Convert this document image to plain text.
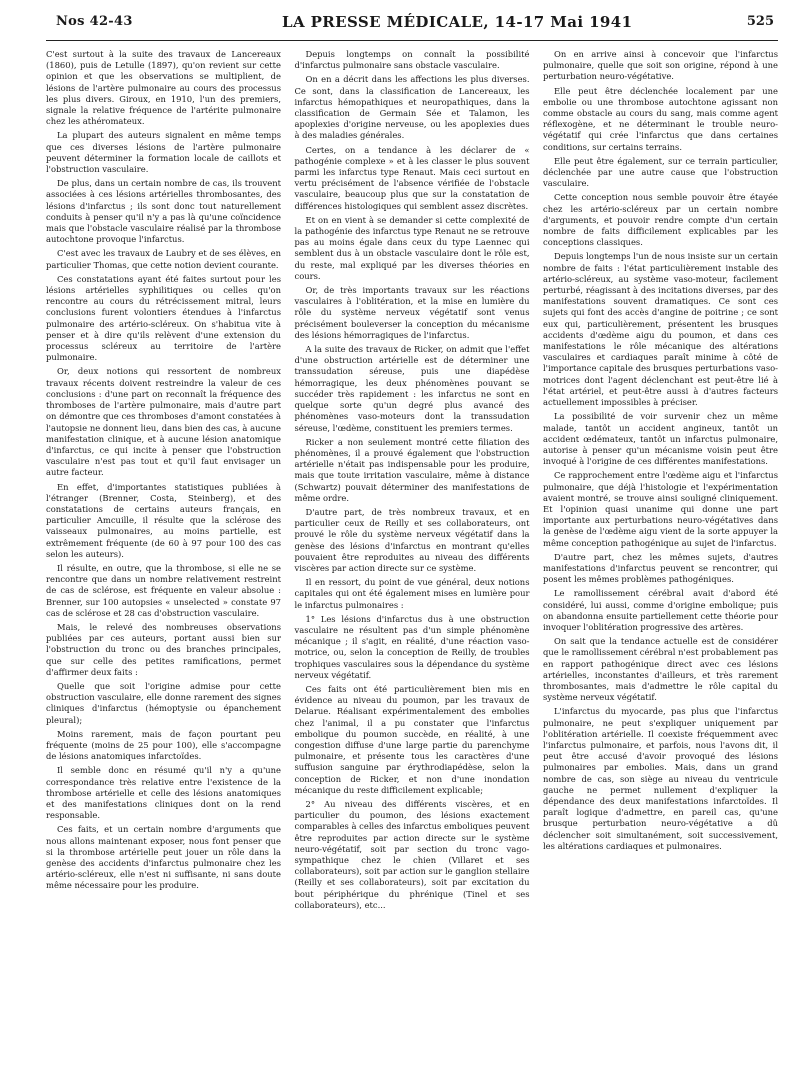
Nos 42-43	LA PRESSE MÉDICALE, 14-17 Mai 1941	525

C'est surtout à la suite des travaux de Lancereaux (1860), puis de Letulle (1897), qu'on revient sur cette opinion et que les observations se multiplient, de lésions de l'artère pulmonaire au cours des processus les plus divers. Giroux, en 1910, l'un des premiers, signale la relative fréquence de l'artérite pulmonaire chez les athéromateux.

La plupart des auteurs signalent en même temps que ces diverses lésions de l'artère pulmonaire peuvent déterminer la formation locale de caillots et l'obstruction vasculaire.

De plus, dans un certain nombre de cas, ils trouvent associées à ces lésions artérielles thrombosantes, des lésions d'infarctus ; ils sont donc tout naturellement conduits à penser qu'il n'y a pas là qu'une coïncidence mais que l'obstacle vasculaire réalisé par la thrombose autochtone provoque l'infarctus.

C'est avec les travaux de Laubry et de ses élèves, en particulier Thomas, que cette notion devient courante.

Ces constatations ayant été faites surtout pour les lésions artérielles syphilitiques ou celles qu'on rencontre au cours du rétrécissement mitral, leurs conclusions furent volontiers étendues à l'infarctus pulmonaire des artério-scléreux. On s'habitua vite à penser et à dire qu'ils relèvent d'une extension du processus scléreux au territoire de l'artère pulmonaire.

Or, deux notions qui ressortent de nombreux travaux récents doivent restreindre la valeur de ces conclusions : d'une part on reconnaît la fréquence des thromboses de l'artère pulmonaire, mais d'autre part on démontre que ces thromboses d'amont constatées à l'autopsie ne donnent lieu, dans bien des cas, à aucune manifestation clinique, et à aucune lésion anatomique d'infarctus, ce qui incite à penser que l'obstruction vasculaire n'est pas tout et qu'il faut envisager un autre facteur.

En effet, d'importantes statistiques publiées à l'étranger (Brenner, Costa, Steinberg), et des constatations de certains auteurs français, en particulier Amcuille, il résulte que la sclérose des vaisseaux pulmonaires, au moins partielle, est extrêmement fréquente (de 60 à 97 pour 100 des cas selon les auteurs).

Il résulte, en outre, que la thrombose, si elle ne se rencontre que dans un nombre relativement restreint de cas de sclérose, est fréquente en valeur absolue : Brenner, sur 100 autopsies « unselected » constate 97 cas de sclérose et 28 cas d'obstruction vasculaire.

Mais, le relevé des nombreuses observations publiées par ces auteurs, portant aussi bien sur l'obstruction du tronc ou des branches principales, que sur celle des petites ramifications, permet d'affirmer deux faits :

Quelle que soit l'origine admise pour cette obstruction vasculaire, elle donne rarement des signes cliniques d'infarctus (hémoptysie ou épanchement pleural);

Moins rarement, mais de façon pourtant peu fréquente (moins de 25 pour 100), elle s'accompagne de lésions anatomiques infarctoïdes.

Il semble donc en résumé qu'il n'y a qu'une correspondance très relative entre l'existence de la thrombose artérielle et celle des lésions anatomiques et des manifestations cliniques dont on la rend responsable.

Ces faits, et un certain nombre d'arguments que nous allons maintenant exposer, nous font penser que si la thrombose artérielle peut jouer un rôle dans la genèse des accidents d'infarctus pulmonaire chez les artério-scléreux, elle n'est ni suffisante, ni sans doute même nécessaire pour les produire.

Depuis longtemps on connaît la possibilité d'infarctus pulmonaire sans obstacle vasculaire.

On en a décrit dans les affections les plus diverses. Ce sont, dans la classification de Lancereaux, les infarctus hémopathiques et neuropathiques, dans la classification de Germain Sée et Talamon, les apoplexies d'origine nerveuse, ou les apoplexies dues à des maladies générales.

Certes, on a tendance à les déclarer de « pathogénie complexe » et à les classer le plus souvent parmi les infarctus type Renaut. Mais ceci surtout en vertu précisément de l'absence vérifiée de l'obstacle vasculaire, beaucoup plus que sur la constatation de différences histologiques qui semblent assez discrètes.

Et on en vient à se demander si cette complexité de la pathogénie des infarctus type Renaut ne se retrouve pas au moins égale dans ceux du type Laennec qui semblent dus à un obstacle vasculaire dont le rôle est, du reste, mal expliqué par les diverses théories en cours.

Or, de très importants travaux sur les réactions vasculaires à l'oblitération, et la mise en lumière du rôle du système nerveux végétatif sont venus précisément bouleverser la conception du mécanisme des lésions hémorragiques de l'infarctus.

A la suite des travaux de Ricker, on admit que l'effet d'une obstruction artérielle est de déterminer une transsudation séreuse, puis une diapédèse hémorragique, les deux phénomènes pouvant se succéder très rapidement : les infarctus ne sont en quelque sorte qu'un degré plus avancé des phénomènes vaso-moteurs dont la transsudation séreuse, l'œdème, constituent les premiers termes.

Ricker a non seulement montré cette filiation des phénomènes, il a prouvé également que l'obstruction artérielle n'était pas indispensable pour les produire, mais que toute irritation vasculaire, même à distance (Schwartz) pouvait déterminer des manifestations de même ordre.

D'autre part, de très nombreux travaux, et en particulier ceux de Reilly et ses collaborateurs, ont prouvé le rôle du système nerveux végétatif dans la genèse des lésions d'infarctus en montrant qu'elles pouvaient être reproduites au niveau des différents viscères par action directe sur ce système.

Il en ressort, du point de vue général, deux notions capitales qui ont été également mises en lumière pour le infarctus pulmonaires :

1° Les lésions d'infarctus dus à une obstruction vasculaire ne résultent pas d'un simple phénomène mécanique ; il s'agit, en réalité, d'une réaction vaso-motrice, ou, selon la conception de Reilly, de troubles trophiques vasculaires sous la dépendance du système nerveux végétatif.

Ces faits ont été particulièrement bien mis en évidence au niveau du poumon, par les travaux de Delarue. Réalisant expérimentalement des embolies chez l'animal, il a pu constater que l'infarctus embolique du poumon succède, en réalité, à une congestion diffuse d'une large partie du parenchyme pulmonaire, et présente tous les caractères d'une suffusion sanguine par érythrodiapédèse, selon la conception de Ricker, et non d'une inondation mécanique du reste difficilement explicable;

2° Au niveau des différents viscères, et en particulier du poumon, des lésions exactement comparables à celles des infarctus emboliques peuvent être reproduites par action directe sur le système neuro-végétatif, soit par section du tronc vago-sympathique chez le chien (Villaret et ses collaborateurs), soit par action sur le ganglion stellaire (Reilly et ses collaborateurs), soit par excitation du bout périphérique du phrénique (Tinel et ses collaborateurs), etc...

On en arrive ainsi à concevoir que l'infarctus pulmonaire, quelle que soit son origine, répond à une perturbation neuro-végétative.

Elle peut être déclenchée localement par une embolie ou une thrombose autochtone agissant non comme obstacle au cours du sang, mais comme agent réflexogène, et ne déterminant le trouble neuro-végétatif qui crée l'infarctus que dans certaines conditions, sur certains terrains.

Elle peut être également, sur ce terrain particulier, déclenchée par une autre cause que l'obstruction vasculaire.

Cette conception nous semble pouvoir être étayée chez les artério-scléreux par un certain nombre d'arguments, et pouvoir rendre compte d'un certain nombre de faits difficilement explicables par les conceptions classiques.

Depuis longtemps l'un de nous insiste sur un certain nombre de faits : l'état particulièrement instable des artério-scléreux, au système vaso-moteur, facilement perturbé, réagissant à des incitations diverses, par des manifestations souvent dramatiques. Ce sont ces sujets qui font des accès d'angine de poitrine ; ce sont eux qui, particulièrement, présentent les brusques accidents d'œdème aigu du poumon, et dans ces manifestations le rôle mécanique des altérations vasculaires et cardiaques paraît minime à côté de l'importance capitale des brusques perturbations vaso-motrices dont l'agent déclenchant est peut-être lié à l'état artériel, et peut-être aussi à d'autres facteurs actuellement impossibles à préciser.

La possibilité de voir survenir chez un même malade, tantôt un accident angineux, tantôt un accident œdémateux, tantôt un infarctus pulmonaire, autorise à penser qu'un mécanisme voisin peut être invoqué à l'origine de ces différentes manifestations.

Ce rapprochement entre l'œdème aigu et l'infarctus pulmonaire, que déjà l'histologie et l'expérimentation avaient montré, se trouve ainsi souligné cliniquement. Et l'opinion quasi unanime qui donne une part importante aux perturbations neuro-végétatives dans la genèse de l'œdème aigu vient de la sorte appuyer la même conception pathogénique au sujet de l'infarctus.

D'autre part, chez les mêmes sujets, d'autres manifestations d'infarctus peuvent se rencontrer, qui posent les mêmes problèmes pathogéniques.

Le ramollissement cérébral avait d'abord été considéré, lui aussi, comme d'origine embolique; puis on abandonna ensuite partiellement cette théorie pour invoquer l'oblitération progressive des artères.

On sait que la tendance actuelle est de considérer que le ramollissement cérébral n'est probablement pas en rapport pathogénique direct avec ces lésions artérielles, inconstantes d'ailleurs, et très rarement thrombosantes, mais d'admettre le rôle capital du système nerveux végétatif.

L'infarctus du myocarde, pas plus que l'infarctus pulmonaire, ne peut s'expliquer uniquement par l'oblitération artérielle. Il coexiste fréquemment avec l'infarctus pulmonaire, et parfois, nous l'avons dit, il peut être accusé d'avoir provoqué des lésions pulmonaires par embolies. Mais, dans un grand nombre de cas, son siège au niveau du ventricule gauche ne permet nullement d'expliquer la dépendance des deux manifestations infarctoïdes. Il paraît logique d'admettre, en pareil cas, qu'une brusque perturbation neuro-végétative a dû déclencher soit simultanément, soit successivement, les altérations cardiaques et pulmonaires.
